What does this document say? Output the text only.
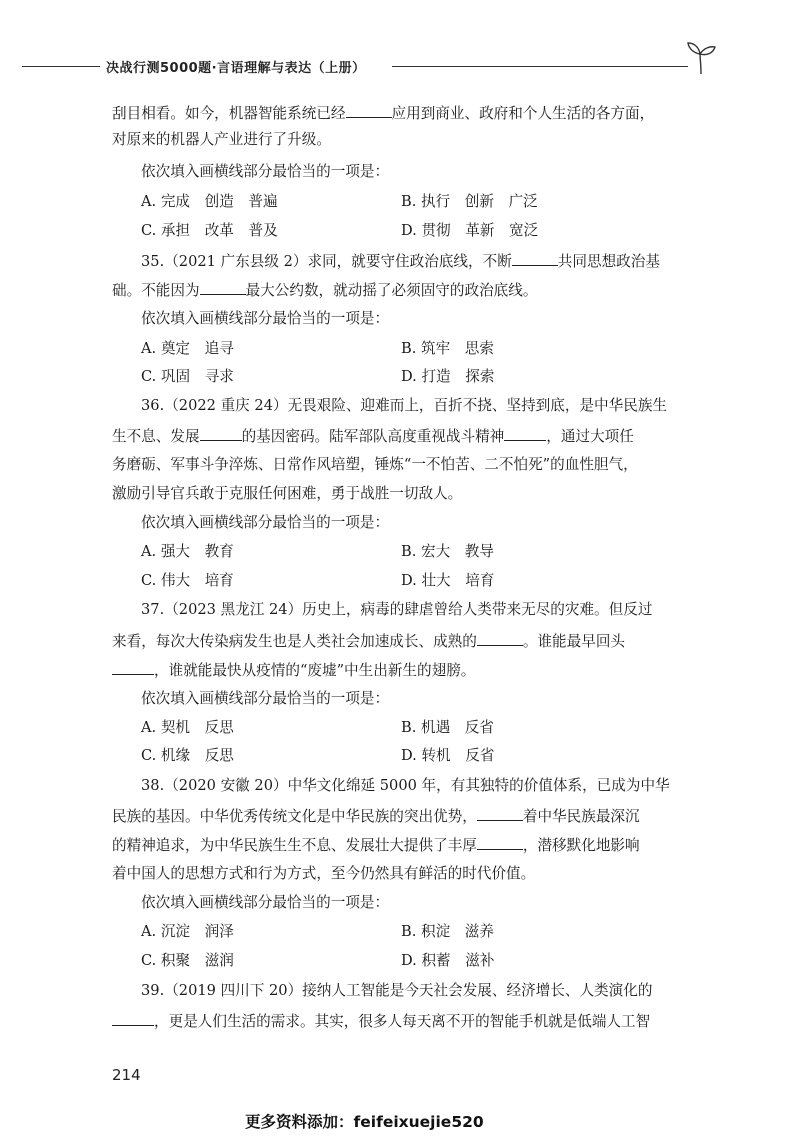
决战行测5000题·言语理解与表达（上册）
刮目相看。如今，机器智能系统已经	应用到商业、政府和个人生活的各方面，
对原来的机器人产业进行了升级。
依次填入画横线部分最恰当的一项是：
A. 完成　创造　普遍	B. 执行　创新　广泛
C. 承担　改革　普及	D. 贯彻　革新　宽泛
35.（2021 广东县级 2）求同，就要守住政治底线，不断	共同思想政治基
础。不能因为	最大公约数，就动摇了必须固守的政治底线。
依次填入画横线部分最恰当的一项是：
A. 奠定　追寻	B. 筑牢　思索
C. 巩固　寻求	D. 打造　探索
36.（2022 重庆 24）无畏艰险、迎难而上，百折不挠、坚持到底，是中华民族生
生不息、发展	的基因密码。陆军部队高度重视战斗精神	，通过大项任
务磨砺、军事斗争淬炼、日常作风培塑，锤炼“一不怕苦、二不怕死”的血性胆气，
激励引导官兵敢于克服任何困难，勇于战胜一切敌人。
依次填入画横线部分最恰当的一项是：
A. 强大　教育	B. 宏大　教导
C. 伟大　培育	D. 壮大　培育
37.（2023 黑龙江 24）历史上，病毒的肆虐曾给人类带来无尽的灾难。但反过
来看，每次大传染病发生也是人类社会加速成长、成熟的	。谁能最早回头
，谁就能最快从疫情的“废墟”中生出新生的翅膀。
依次填入画横线部分最恰当的一项是：
A. 契机　反思	B. 机遇　反省
C. 机缘　反思	D. 转机　反省
38.（2020 安徽 20）中华文化绵延 5000 年，有其独特的价值体系，已成为中华
民族的基因。中华优秀传统文化是中华民族的突出优势，	着中华民族最深沉
的精神追求，为中华民族生生不息、发展壮大提供了丰厚	，潜移默化地影响
着中国人的思想方式和行为方式，至今仍然具有鲜活的时代价值。
依次填入画横线部分最恰当的一项是：
A. 沉淀　润泽	B. 积淀　滋养
C. 积聚　滋润	D. 积蓄　滋补
39.（2019 四川下 20）接纳人工智能是今天社会发展、经济增长、人类演化的
，更是人们生活的需求。其实，很多人每天离不开的智能手机就是低端人工智
214
更多资料添加：feifeixuejie520
